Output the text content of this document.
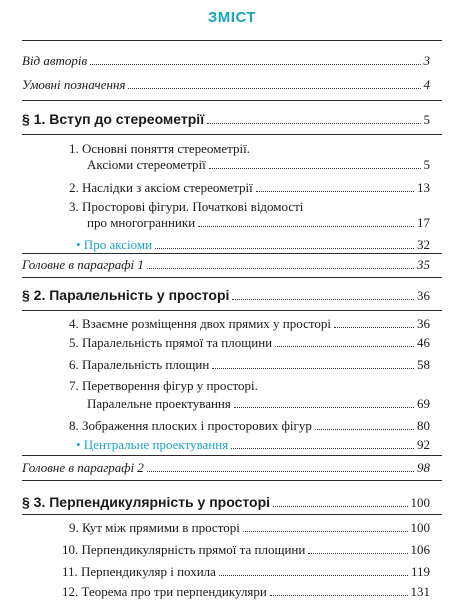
ЗМІСТ
Від авторів	3
Умовні позначення	4
§ 1. Вступ до стереометрії	5
1. Основні поняття стереометрії.
Аксіоми стереометрії	5
2. Наслідки з аксіом стереометрії	13
3. Просторові фігури. Початкові відомості
про многогранники	17
• Про аксіоми	32
Головне в параграфі 1	35
§ 2. Паралельність у просторі	36
4. Взаємне розміщення двох прямих у просторі	36
5. Паралельність прямої та площини	46
6. Паралельність площин	58
7. Перетворення фігур у просторі.
Паралельне проектування	69
8. Зображення плоских і просторових фігур	80
• Центральне проектування	92
Головне в параграфі 2	98
§ 3. Перпендикулярність у просторі	100
9. Кут між прямими в просторі	100
10. Перпендикулярність прямої та площини	106
11. Перпендикуляр і похила	119
12. Теорема про три перпендикуляри	131
